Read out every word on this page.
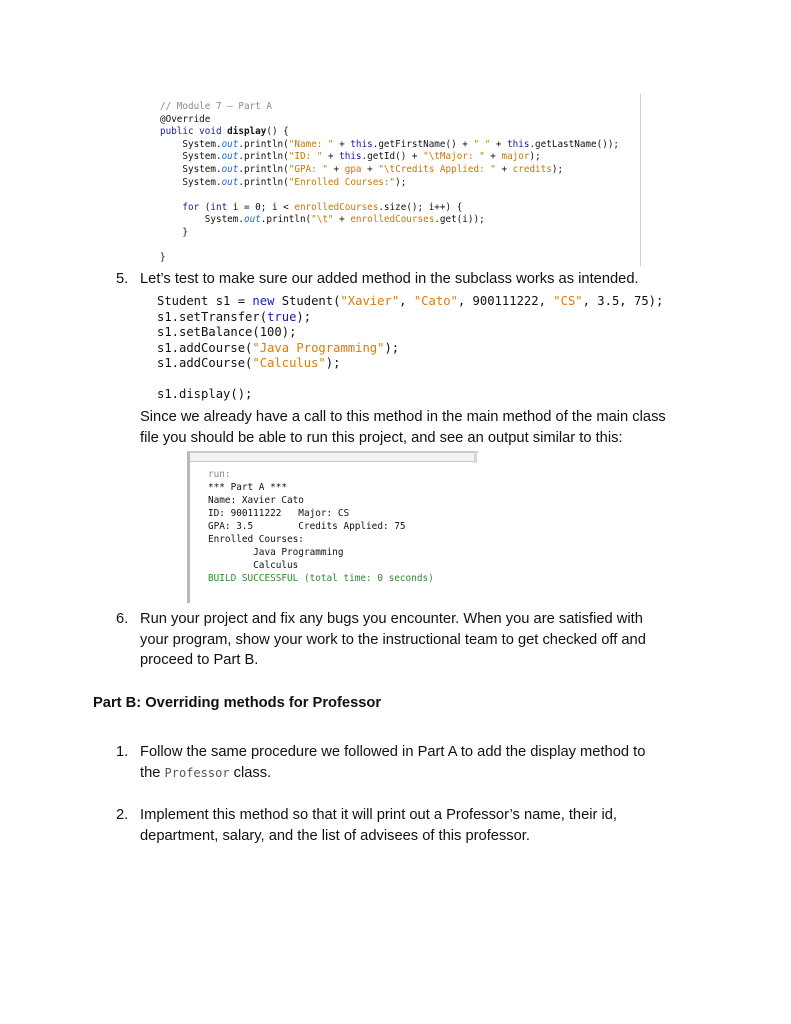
// Module 7 – Part A
@Override
public void display() {
System.out.println("Name: " + this.getFirstName() + " " + this.getLastName());
System.out.println("ID: " + this.getId() + "\tMajor: " + major);
System.out.println("GPA: " + gpa + "\tCredits Applied: " + credits);
System.out.println("Enrolled Courses:");

for (int i = 0; i < enrolledCourses.size(); i++) {
System.out.println("\t" + enrolledCourses.get(i));
}

}
5. Let’s test to make sure our added method in the subclass works as intended.
Student s1 = new Student("Xavier", "Cato", 900111222, "CS", 3.5, 75);
s1.setTransfer(true);
s1.setBalance(100);
s1.addCourse("Java Programming");
s1.addCourse("Calculus");

s1.display();
Since we already have a call to this method in the main method of the main class
file you should be able to run this project, and see an output similar to this:
run:
*** Part A ***
Name: Xavier Cato
ID: 900111222   Major: CS
GPA: 3.5        Credits Applied: 75
Enrolled Courses:
Java Programming
Calculus
BUILD SUCCESSFUL (total time: 0 seconds)
6. Run your project and fix any bugs you encounter. When you are satisfied with
your program, show your work to the instructional team to get checked off and
proceed to Part B.
Part B: Overriding methods for Professor
1. Follow the same procedure we followed in Part A to add the display method to
the Professor class.
2. Implement this method so that it will print out a Professor’s name, their id,
department, salary, and the list of advisees of this professor.
